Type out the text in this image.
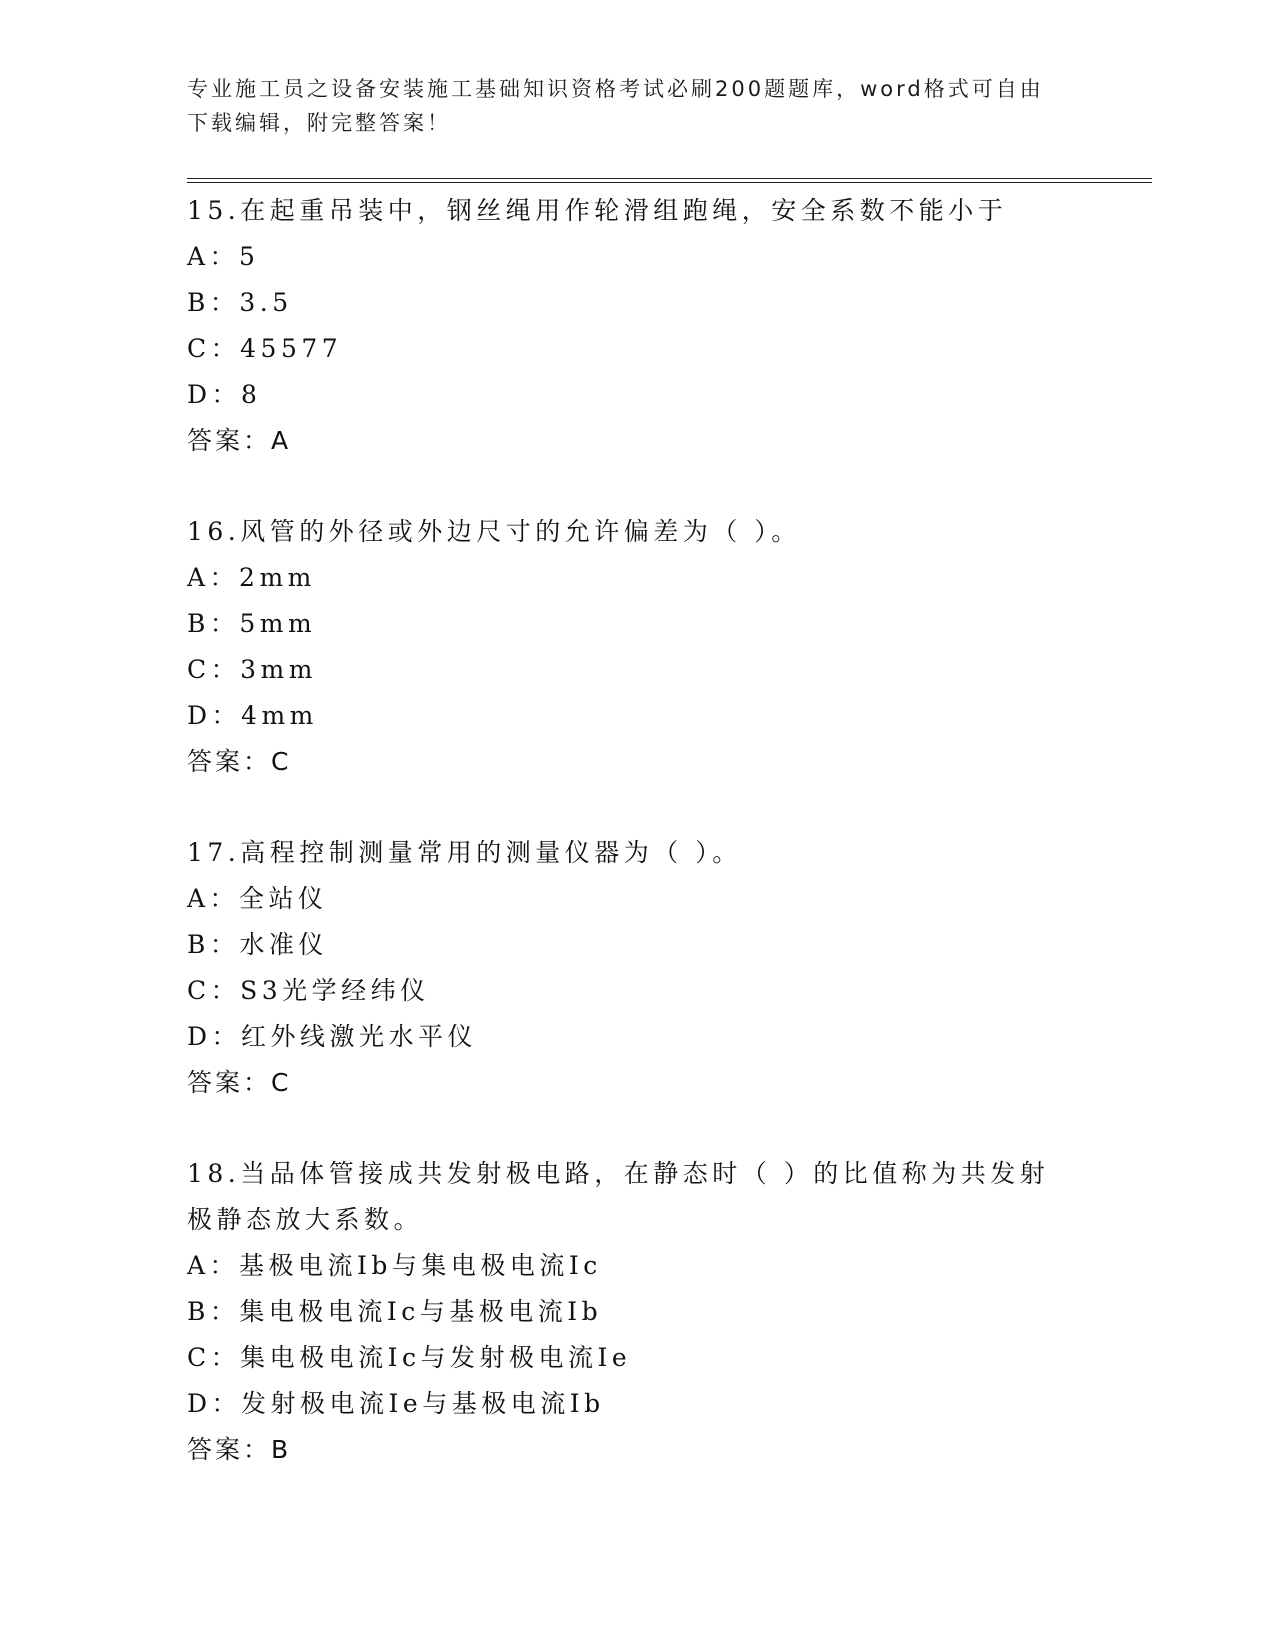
专业施工员之设备安装施工基础知识资格考试必刷200题题库，word格式可自由下载编辑，附完整答案！
15.在起重吊装中，钢丝绳用作轮滑组跑绳，安全系数不能小于
A：5
B：3.5
C：45577
D：8
答案：A
16.风管的外径或外边尺寸的允许偏差为（ ）。
A：2mm
B：5mm
C：3mm
D：4mm
答案：C
17.高程控制测量常用的测量仪器为（ ）。
A：全站仪
B：水准仪
C：S3光学经纬仪
D：红外线激光水平仪
答案：C
18.当品体管接成共发射极电路，在静态时（ ）的比值称为共发射极静态放大系数。
A：基极电流Ib与集电极电流Ic
B：集电极电流Ic与基极电流Ib
C：集电极电流Ic与发射极电流Ie
D：发射极电流Ie与基极电流Ib
答案：B
